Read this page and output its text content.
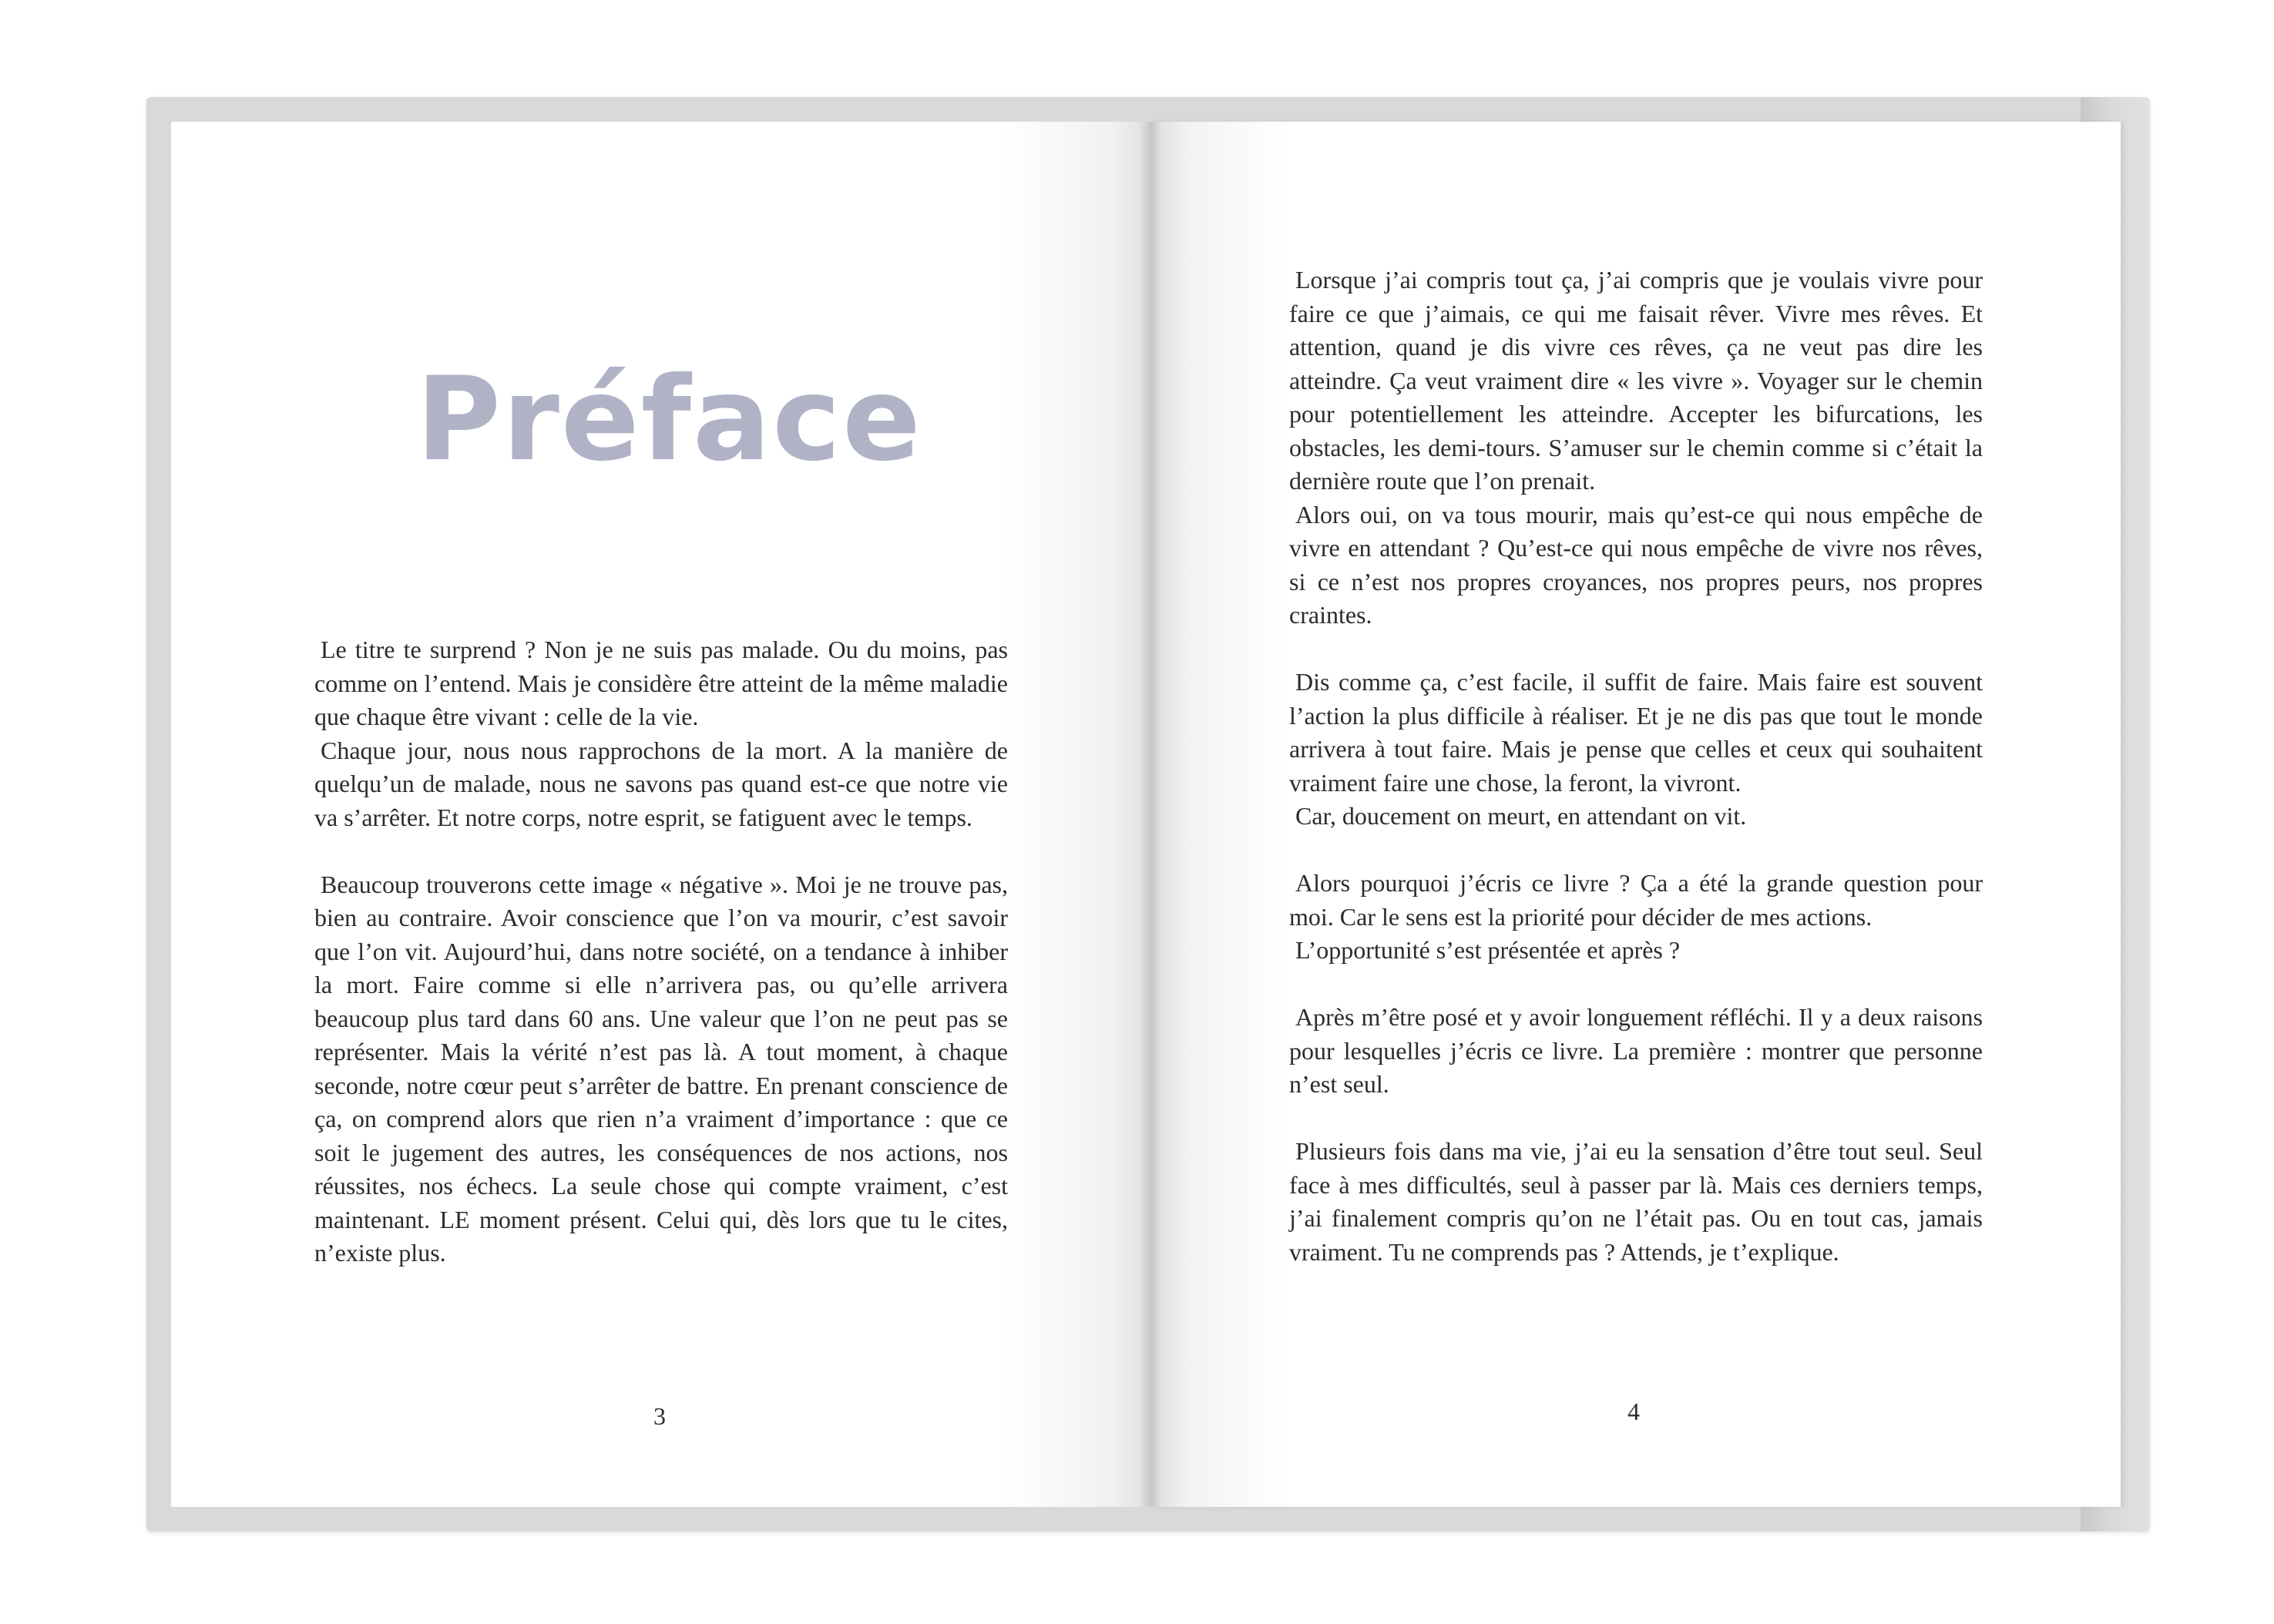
Préface

Le titre te surprend ? Non je ne suis pas malade. Ou du moins, pas comme on l’entend. Mais je considère être atteint de la même maladie que chaque être vivant : celle de la vie.

Chaque jour, nous nous rapprochons de la mort. A la manière de quelqu’un de malade, nous ne savons pas quand est-ce que notre vie va s’arrêter. Et notre corps, notre esprit, se fatiguent avec le temps.

Beaucoup trouverons cette image « négative ». Moi je ne trouve pas, bien au contraire. Avoir conscience que l’on va mourir, c’est savoir que l’on vit. Aujourd’hui, dans notre société, on a tendance à inhiber la mort. Faire comme si elle n’arrivera pas, ou qu’elle arrivera beaucoup plus tard dans 60 ans. Une valeur que l’on ne peut pas se représenter. Mais la vérité n’est pas là. A tout moment, à chaque seconde, notre cœur peut s’arrêter de battre. En prenant conscience de ça, on comprend alors que rien n’a vraiment d’importance : que ce soit le jugement des autres, les conséquences de nos actions, nos réussites, nos échecs. La seule chose qui compte vraiment, c’est maintenant. LE moment présent. Celui qui, dès lors que tu le cites, n’existe plus.

3

Lorsque j’ai compris tout ça, j’ai compris que je voulais vivre pour faire ce que j’aimais, ce qui me faisait rêver. Vivre mes rêves. Et attention, quand je dis vivre ces rêves, ça ne veut pas dire les atteindre. Ça veut vraiment dire « les vivre ». Voyager sur le chemin pour potentiellement les atteindre. Accepter les bifurcations, les obstacles, les demi-tours. S’amuser sur le chemin comme si c’était la dernière route que l’on prenait.

Alors oui, on va tous mourir, mais qu’est-ce qui nous empêche de vivre en attendant ? Qu’est-ce qui nous empêche de vivre nos rêves, si ce n’est nos propres croyances, nos propres peurs, nos propres craintes.

Dis comme ça, c’est facile, il suffit de faire. Mais faire est souvent l’action la plus difficile à réaliser. Et je ne dis pas que tout le monde arrivera à tout faire. Mais je pense que celles et ceux qui souhaitent vraiment faire une chose, la feront, la vivront.

Car, doucement on meurt, en attendant on vit.

Alors pourquoi j’écris ce livre ? Ça a été la grande question pour moi. Car le sens est la priorité pour décider de mes actions.

L’opportunité s’est présentée et après ?

Après m’être posé et y avoir longuement réfléchi. Il y a deux raisons pour lesquelles j’écris ce livre. La première : montrer que personne n’est seul.

Plusieurs fois dans ma vie, j’ai eu la sensation d’être tout seul. Seul face à mes difficultés, seul à passer par là. Mais ces derniers temps, j’ai finalement compris qu’on ne l’était pas. Ou en tout cas, jamais vraiment. Tu ne comprends pas ? Attends, je t’explique.

4
